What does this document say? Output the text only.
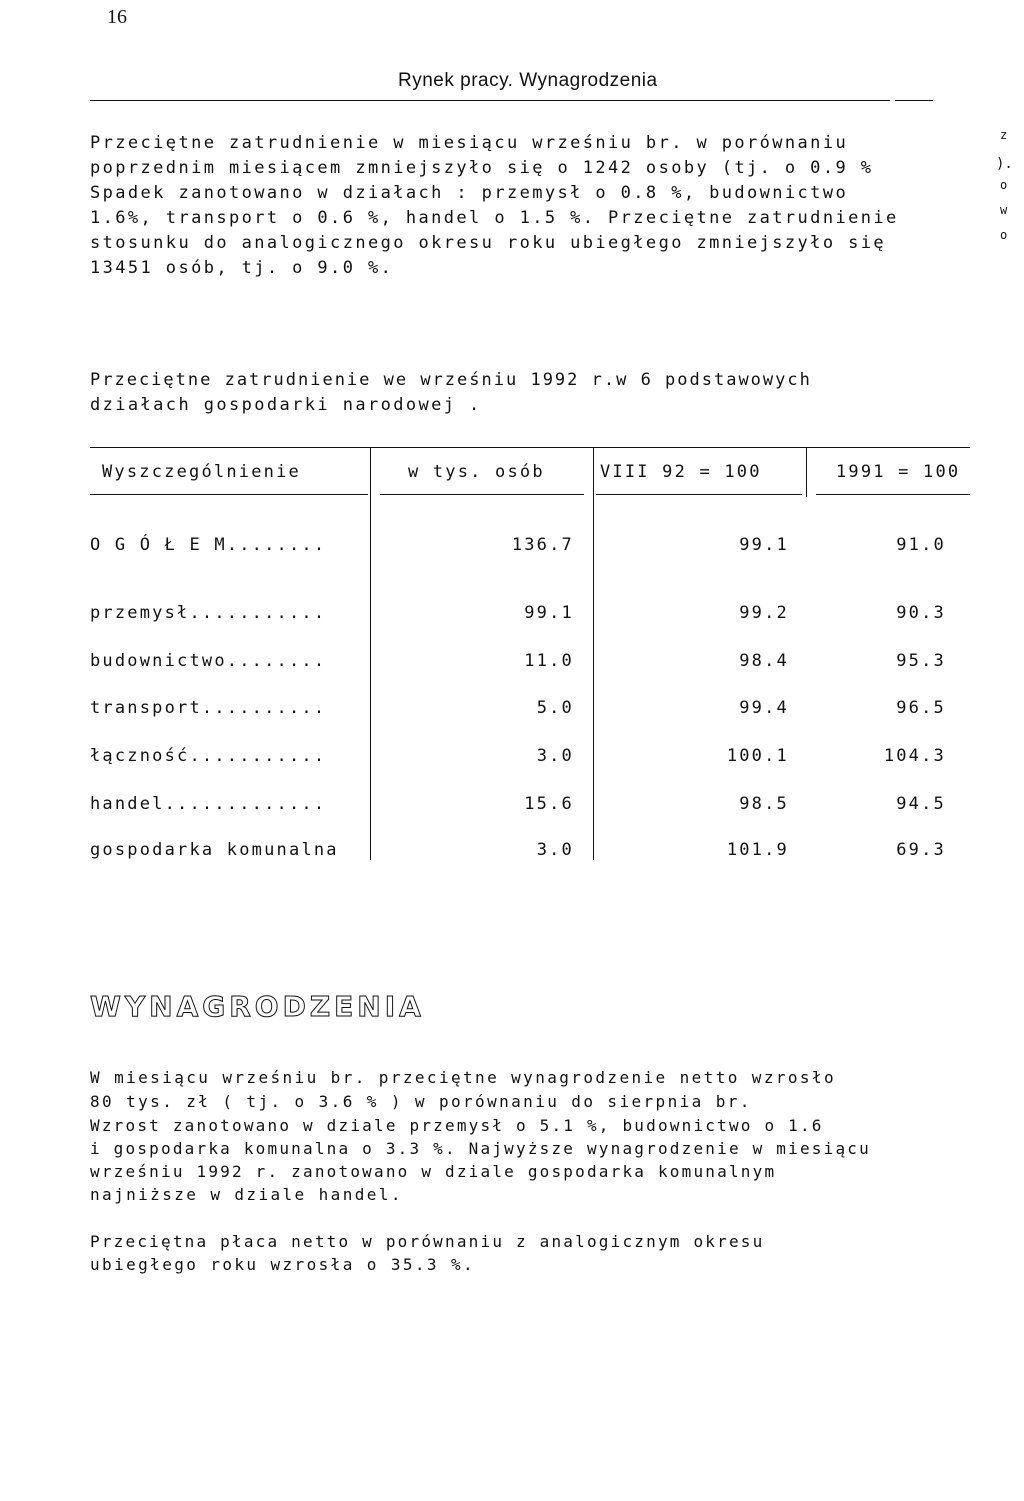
16
Rynek pracy. Wynagrodzenia
Przeciętne zatrudnienie w miesiącu wrześniu br. w porównaniu
poprzednim miesiącem zmniejszyło się o 1242 osoby (tj. o 0.9 %
Spadek zanotowano w działach : przemysł o 0.8 %, budownictwo
1.6%, transport o 0.6 %, handel o 1.5 %. Przeciętne zatrudnienie
stosunku do analogicznego okresu roku ubiegłego zmniejszyło się
13451 osób, tj. o 9.0 %.
z
).
o
w
o
Przeciętne zatrudnienie we wrześniu 1992 r.w 6 podstawowych
działach gospodarki narodowej .
Wyszczególnienie	w tys. osób	VIII 92 = 100	1991 = 100
O G Ó Ł E M........	136.7	99.1	91.0
przemysł...........	99.1	99.2	90.3
budownictwo........	11.0	98.4	95.3
transport..........	5.0	99.4	96.5
łączność...........	3.0	100.1	104.3
handel.............	15.6	98.5	94.5
gospodarka komunalna	3.0	101.9	69.3
WYNAGRODZENIA
W miesiącu wrześniu br. przeciętne wynagrodzenie netto wzrosło
80 tys. zł ( tj. o 3.6 % ) w porównaniu do sierpnia br.
Wzrost zanotowano w dziale przemysł o 5.1 %, budownictwo o 1.6
i gospodarka komunalna o 3.3 %. Najwyższe wynagrodzenie w miesiącu
wrześniu 1992 r. zanotowano w dziale gospodarka komunalnym
najniższe w dziale handel.
Przeciętna płaca netto w porównaniu z analogicznym okresu
ubiegłego roku wzrosła o 35.3 %.
